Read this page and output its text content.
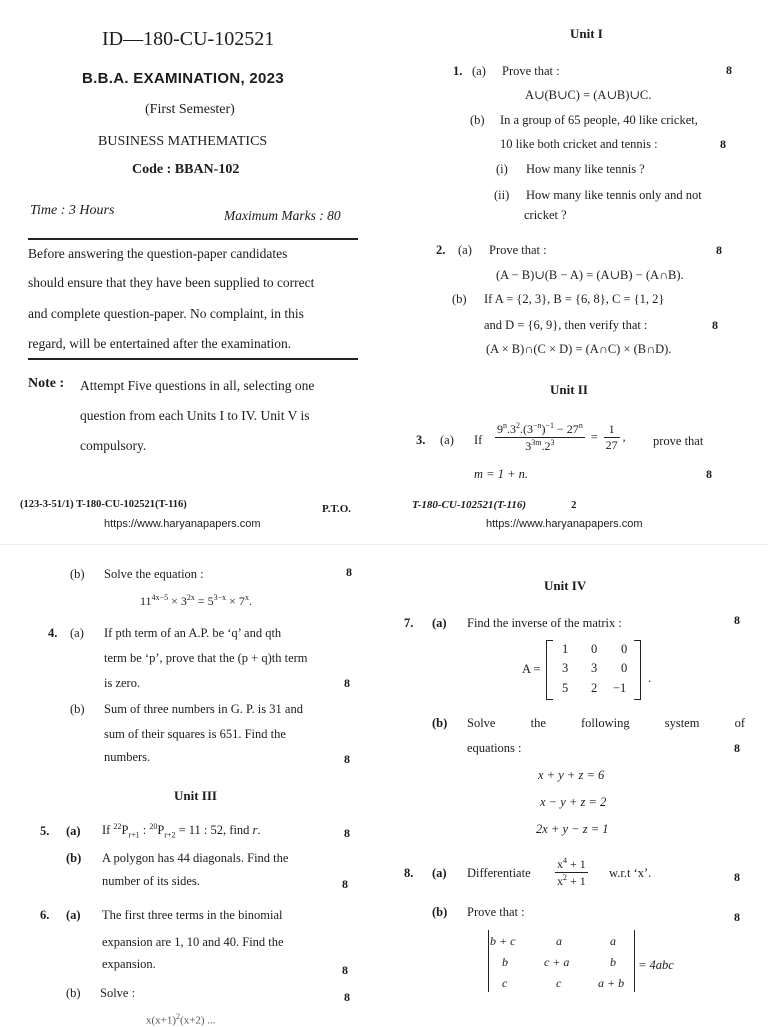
ID—180-CU-102521
B.B.A. EXAMINATION, 2023
(First Semester)
BUSINESS MATHEMATICS
Code : BBAN-102
Time : 3 Hours	Maximum Marks : 80
Before answering the question-paper candidates
should ensure that they have been supplied to correct
and complete question-paper. No complaint, in this
regard, will be entertained after the examination.
Note : Attempt Five questions in all, selecting one
question from each Units I to IV. Unit V is
compulsory.
(123-3-51/1) T-180-CU-102521(T-116)	P.T.O.
https://www.haryanapapers.com
Unit I
1. (a) Prove that :	8
A∪(B∪C) = (A∪B)∪C.
(b) In a group of 65 people, 40 like cricket,
10 like both cricket and tennis :	8
(i) How many like tennis ?
(ii) How many like tennis only and not
cricket ?
2. (a) Prove that :	8
(A − B)∪(B − A) = (A∪B) − (A∩B).
(b) If A = {2, 3}, B = {6, 8}, C = {1, 2}
and D = {6, 9}, then verify that :	8
(A × B)∩(C × D) = (A∩C) × (B∩D).
Unit II
3. (a) If $\frac{9^n.3^2.(3^{-n})^{-1} - 27^n}{3^{3m}.2^3} = \frac{1}{27}$ , prove that
m = 1 + n.	8
T-180-CU-102521(T-116)	2
https://www.haryanapapers.com
(b) Solve the equation :	8
$11^{4x-5} \times 3^{2x} = 5^{3-x} \times 7^x$.
4. (a) If pth term of an A.P. be ‘q’ and qth
term be ‘p’, prove that the (p + q)th term
is zero.	8
(b) Sum of three numbers in G. P. is 31 and
sum of their squares is 651. Find the
numbers.	8
Unit III
5. (a) If $^{22}P_{r+1}$ : $^{20}P_{r+2} = 11$ : 52, find r.	8
(b) A polygon has 44 diagonals. Find the
number of its sides.	8
6. (a) The first three terms in the binomial
expansion are 1, 10 and 40. Find the
expansion.	8
(b) Solve :	8
$x(x+1)^2(x+2)$ ...
Unit IV
7. (a) Find the inverse of the matrix :	8
A =
.
1 0 0
3 3 0
5 2 −1
(b) Solve the following system of
equations :	8
x + y + z = 6
x − y + z = 2
2x + y − z = 1
8. (a) Differentiate $\frac{x^4 + 1}{x^2 + 1} w.r.t$ ‘x’.	8
(b) Prove that :	8
b + c	a	a
b	c + a	b
c	c	a + b
= 4abc
